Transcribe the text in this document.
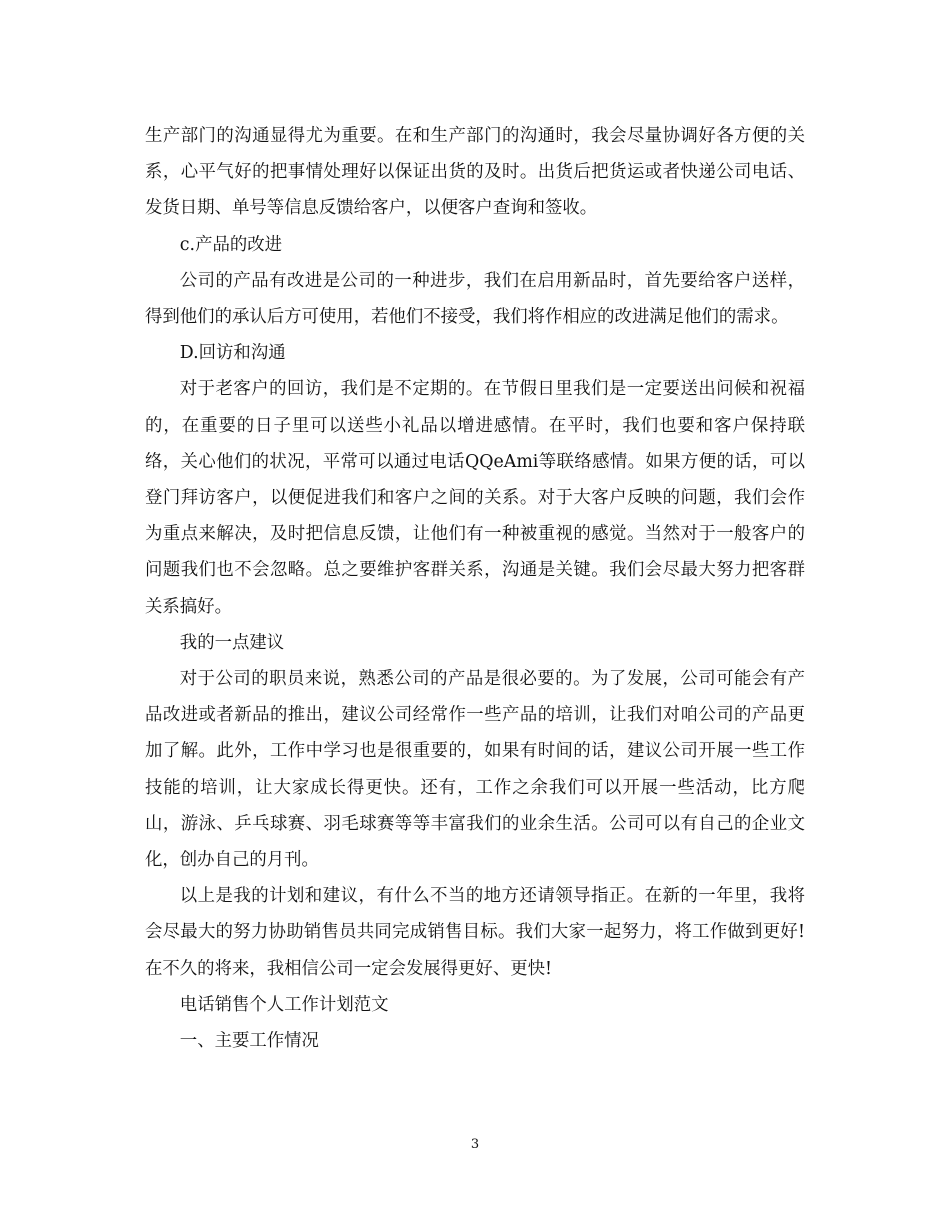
生产部门的沟通显得尤为重要。在和生产部门的沟通时，我会尽量协调好各方便的关系，心平气好的把事情处理好以保证出货的及时。出货后把货运或者快递公司电话、发货日期、单号等信息反馈给客户，以便客户查询和签收。

c.产品的改进

公司的产品有改进是公司的一种进步，我们在启用新品时，首先要给客户送样，得到他们的承认后方可使用，若他们不接受，我们将作相应的改进满足他们的需求。

D.回访和沟通

对于老客户的回访，我们是不定期的。在节假日里我们是一定要送出问候和祝福的，在重要的日子里可以送些小礼品以增进感情。在平时，我们也要和客户保持联络，关心他们的状况，平常可以通过电话QQeAmi等联络感情。如果方便的话，可以登门拜访客户，以便促进我们和客户之间的关系。对于大客户反映的问题，我们会作为重点来解决，及时把信息反馈，让他们有一种被重视的感觉。当然对于一般客户的问题我们也不会忽略。总之要维护客群关系，沟通是关键。我们会尽最大努力把客群关系搞好。

我的一点建议

对于公司的职员来说，熟悉公司的产品是很必要的。为了发展，公司可能会有产品改进或者新品的推出，建议公司经常作一些产品的培训，让我们对咱公司的产品更加了解。此外，工作中学习也是很重要的，如果有时间的话，建议公司开展一些工作技能的培训，让大家成长得更快。还有，工作之余我们可以开展一些活动，比方爬山，游泳、乒乓球赛、羽毛球赛等等丰富我们的业余生活。公司可以有自己的企业文化，创办自己的月刊。

以上是我的计划和建议，有什么不当的地方还请领导指正。在新的一年里，我将会尽最大的努力协助销售员共同完成销售目标。我们大家一起努力，将工作做到更好!在不久的将来，我相信公司一定会发展得更好、更快!

电话销售个人工作计划范文

一、主要工作情况

3
